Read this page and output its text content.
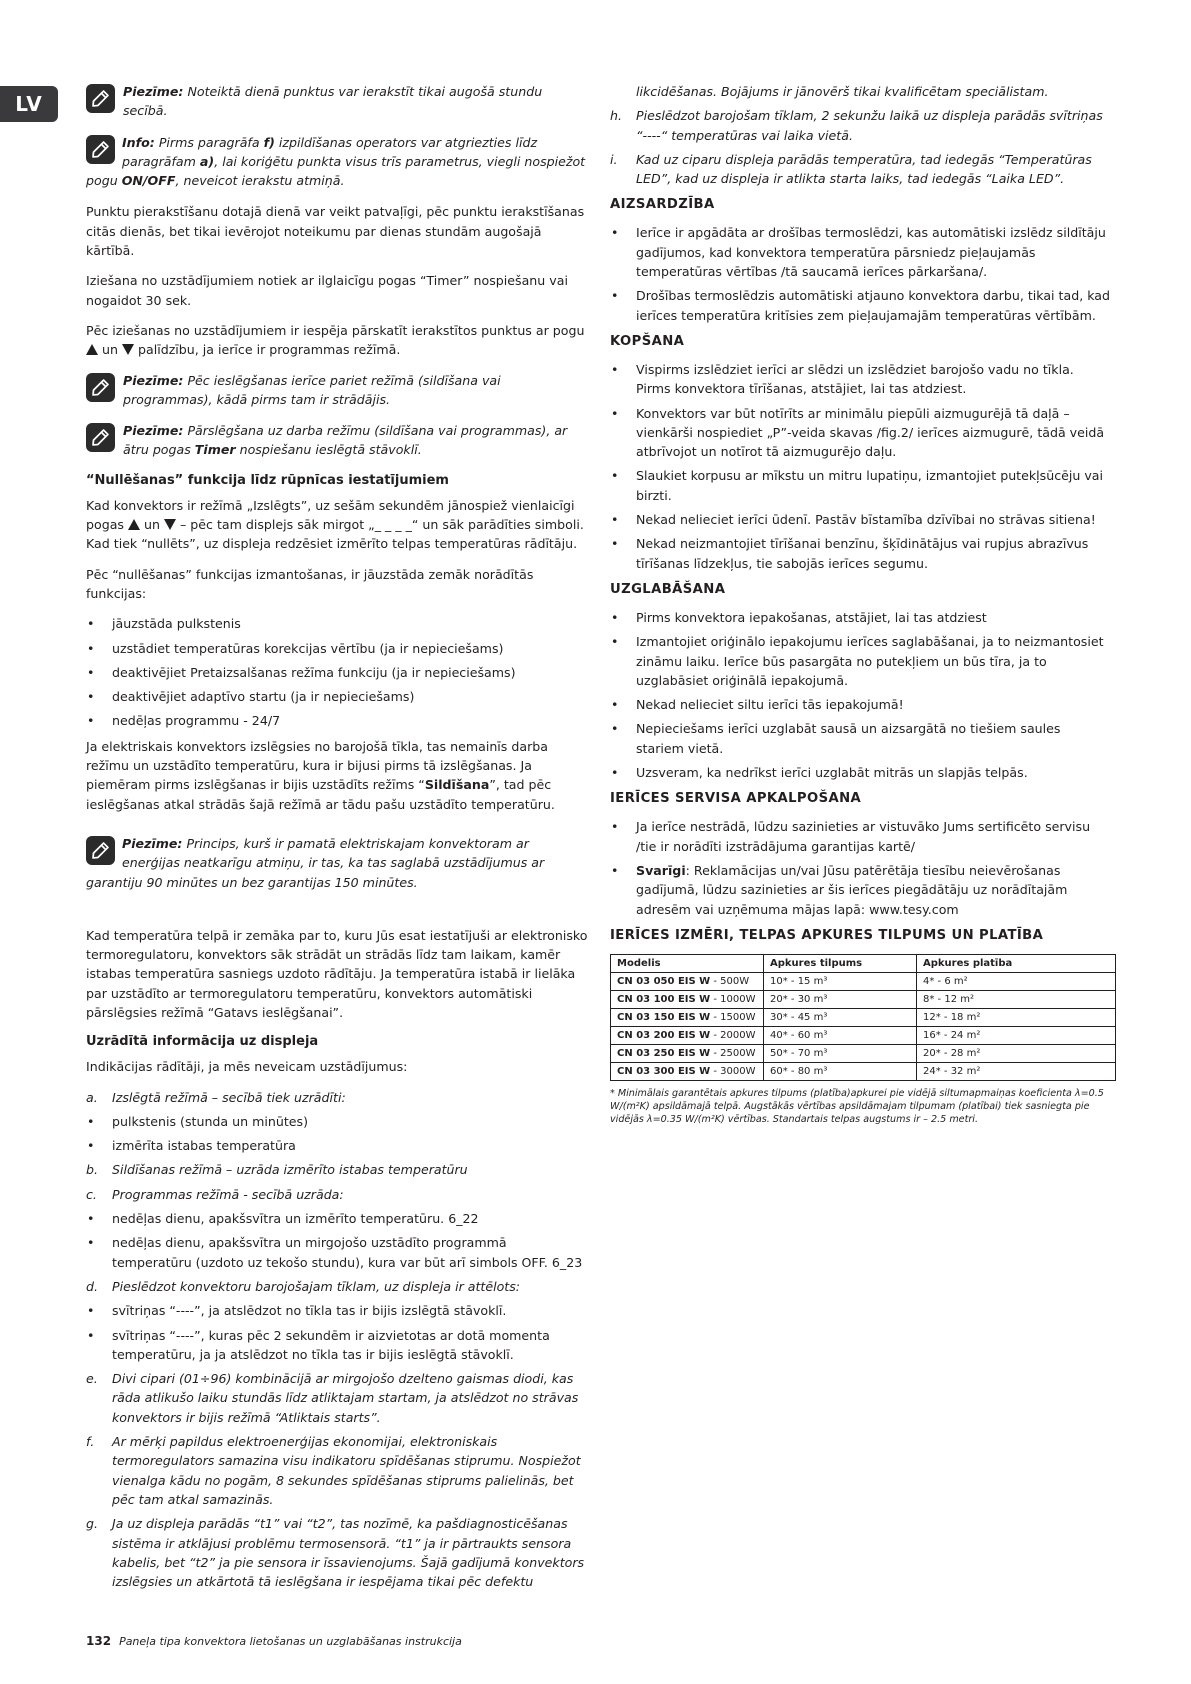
LV
Piezīme: Noteiktā dienā punktus var ierakstīt tikai augošā stundu secībā.
Info: Pirms paragrāfa f) izpildīšanas operators var atgriezties līdz paragrāfam a), lai koriģētu punkta visus trīs parametrus, viegli nospiežot pogu ON/OFF, neveicot ierakstu atmiņā.

Punktu pierakstīšanu dotajā dienā var veikt patvaļīgi, pēc punktu ierakstīšanas citās dienās, bet tikai ievērojot noteikumu par dienas stundām augošajā kārtībā.

Iziešana no uzstādījumiem notiek ar ilglaicīgu pogas “Timer” nospiešanu vai nogaidot 30 sek.

Pēc iziešanas no uzstādījumiem ir iespēja pārskatīt ierakstītos punktus ar pogu  un  palīdzību, ja ierīce ir programmas režīmā.

Piezīme: Pēc ieslēgšanas ierīce pariet režīmā (sildīšana vai programmas), kādā pirms tam ir strādājis.
Piezīme: Pārslēgšana uz darba režīmu (sildīšana vai programmas), ar ātru pogas Timer nospiešanu ieslēgtā stāvoklī.
“Nullēšanas” funkcija līdz rūpnīcas iestatījumiem

Kad konvektors ir režīmā „Izslēgts”, uz sešām sekundēm jānospiež vienlaicīgi pogas  un  – pēc tam displejs sāk mirgot „_ _ _ _“ un sāk parādīties simboli. Kad tiek “nullēts”, uz displeja redzēsiet izmērīto telpas temperatūras rādītāju.

Pēc “nullēšanas” funkcijas izmantošanas, ir jāuzstāda zemāk norādītās funkcijas:

• jāuzstāda pulkstenis
• uzstādiet temperatūras korekcijas vērtību (ja ir nepieciešams)
• deaktivējiet Pretaizsalšanas režīma funkciju (ja ir nepieciešams)
• deaktivējiet adaptīvo startu (ja ir nepieciešams)
• nedēļas programmu - 24/7

Ja elektriskais konvektors izslēgsies no barojošā tīkla, tas nemainīs darba režīmu un uzstādīto temperatūru, kura ir bijusi pirms tā izslēgšanas. Ja piemēram pirms izslēgšanas ir bijis uzstādīts režīms “Sildīšana”, tad pēc ieslēgšanas atkal strādās šajā režīmā ar tādu pašu uzstādīto temperatūru.

Piezīme: Princips, kurš ir pamatā elektriskajam konvektoram ar enerģijas neatkarīgu atmiņu, ir tas, ka tas saglabā uzstādījumus ar garantiju 90 minūtes un bez garantijas 150 minūtes.

Kad temperatūra telpā ir zemāka par to, kuru Jūs esat iestatījuši ar elektronisko termoregulatoru, konvektors sāk strādāt un strādās līdz tam laikam, kamēr istabas temperatūra sasniegs uzdoto rādītāju. Ja temperatūra istabā ir lielāka par uzstādīto ar termoregulatoru temperatūru, konvektors automātiski pārslēgsies režīmā “Gatavs ieslēgšanai”.

Uzrādītā informācija uz displeja

Indikācijas rādītāji, ja mēs neveicam uzstādījumus:

a. Izslēgtā režīmā – secībā tiek uzrādīti:
• pulkstenis (stunda un minūtes)
• izmērīta istabas temperatūra
b. Sildīšanas režīmā – uzrāda izmērīto istabas temperatūru
c. Programmas režīmā - secībā uzrāda:
• nedēļas dienu, apakšsvītra un izmērīto temperatūru. 6_22
• nedēļas dienu, apakšsvītra un mirgojošo uzstādīto programmā temperatūru (uzdoto uz tekošo stundu), kura var būt arī simbols OFF. 6_23
d. Pieslēdzot konvektoru barojošajam tīklam, uz displeja ir attēlots:
• svītriņas “----”, ja atslēdzot no tīkla tas ir bijis izslēgtā stāvoklī.
• svītriņas “----”, kuras pēc 2 sekundēm ir aizvietotas ar dotā momenta temperatūru, ja ja atslēdzot no tīkla tas ir bijis ieslēgtā stāvoklī.
e. Divi cipari (01÷96) kombinācijā ar mirgojošo dzelteno gaismas diodi, kas rāda atlikušo laiku stundās līdz atliktajam startam, ja atslēdzot no strāvas konvektors ir bijis režīmā “Atliktais starts”.
f. Ar mērķi papildus elektroenerģijas ekonomijai, elektroniskais termoregulators samazina visu indikatoru spīdēšanas stiprumu. Nospiežot vienalga kādu no pogām, 8 sekundes spīdēšanas stiprums palielinās, bet pēc tam atkal samazinās.
g. Ja uz displeja parādās “t1” vai “t2”, tas nozīmē, ka pašdiagnosticēšanas sistēma ir atklājusi problēmu termosensorā. “t1” ja ir pārtraukts sensora kabelis, bet “t2” ja pie sensora ir īssavienojums. Šajā gadījumā konvektors izslēgsies un atkārtotā tā ieslēgšana ir iespējama tikai pēc defektu

likcidēšanas. Bojājums ir jānovērš tikai kvalificētam speciālistam.

h. Pieslēdzot barojošam tīklam, 2 sekunžu laikā uz displeja parādās svītriņas “----“ temperatūras vai laika vietā.
i. Kad uz ciparu displeja parādās temperatūra, tad iedegās “Temperatūras LED”, kad uz displeja ir atlikta starta laiks, tad iedegās “Laika LED”.
AIZSARDZĪBA
• Ierīce ir apgādāta ar drošības termoslēdzi, kas automātiski izslēdz sildītāju gadījumos, kad konvektora temperatūra pārsniedz pieļaujamās temperatūras vērtības /tā saucamā ierīces pārkaršana/.
• Drošības termoslēdzis automātiski atjauno konvektora darbu, tikai tad, kad ierīces temperatūra kritīsies zem pieļaujamajām temperatūras vērtībām.
KOPŠANA
• Vispirms izslēdziet ierīci ar slēdzi un izslēdziet barojošo vadu no tīkla. Pirms konvektora tīrīšanas, atstājiet, lai tas atdziest.
• Konvektors var būt notīrīts ar minimālu piepūli aizmugurējā tā daļā – vienkārši nospiediet „P”-veida skavas /fig.2/ ierīces aizmugurē, tādā veidā atbrīvojot un notīrot tā aizmugurējo daļu.
• Slaukiet korpusu ar mīkstu un mitru lupatiņu, izmantojiet putekļsūcēju vai birzti.
• Nekad nelieciet ierīci ūdenī. Pastāv bīstamība dzīvībai no strāvas sitiena!
• Nekad neizmantojiet tīrīšanai benzīnu, šķīdinātājus vai rupjus abrazīvus tīrīšanas līdzekļus, tie sabojās ierīces segumu.
UZGLABĀŠANA
• Pirms konvektora iepakošanas, atstājiet, lai tas atdziest
• Izmantojiet oriģinālo iepakojumu ierīces saglabāšanai, ja to neizmantosiet zināmu laiku. Ierīce būs pasargāta no putekļiem un būs tīra, ja to uzglabāsiet oriģinālā iepakojumā.
• Nekad nelieciet siltu ierīci tās iepakojumā!
• Nepieciešams ierīci uzglabāt sausā un aizsargātā no tiešiem saules stariem vietā.
• Uzsveram, ka nedrīkst ierīci uzglabāt mitrās un slapjās telpās.
IERĪCES SERVISA APKALPOŠANA
• Ja ierīce nestrādā, lūdzu sazinieties ar vistuvāko Jums sertificēto servisu /tie ir norādīti izstrādājuma garantijas kartē/
• Svarīgi: Reklamācijas un/vai Jūsu patērētāja tiesību neievērošanas gadījumā, lūdzu sazinieties ar šis ierīces piegādātāju uz norādītajām adresēm vai uzņēmuma mājas lapā: www.tesy.com
IERĪCES IZMĒRI, TELPAS APKURES TILPUMS UN PLATĪBA
Modelis	Apkures tilpums	Apkures platība
CN 03 050 EIS W - 500W	10* - 15 m³	4* - 6 m²
CN 03 100 EIS W - 1000W	20* - 30 m³	8* - 12 m²
CN 03 150 EIS W - 1500W	30* - 45 m³	12* - 18 m²
CN 03 200 EIS W - 2000W	40* - 60 m³	16* - 24 m²
CN 03 250 EIS W - 2500W	50* - 70 m³	20* - 28 m²
CN 03 300 EIS W - 3000W	60* - 80 m³	24* - 32 m²
* Minimālais garantētais apkures tilpums (platība)apkurei pie vidējā siltumapmaiņas koeficienta λ=0.5 W/(m²K) apsildāmajā telpā. Augstākās vērtības apsildāmajam tilpumam (platībai) tiek sasniegta pie vidējās λ=0.35 W/(m²K) vērtības. Standartais telpas augstums ir – 2.5 metri.
132 Paneļa tipa konvektora lietošanas un uzglabāšanas instrukcija
